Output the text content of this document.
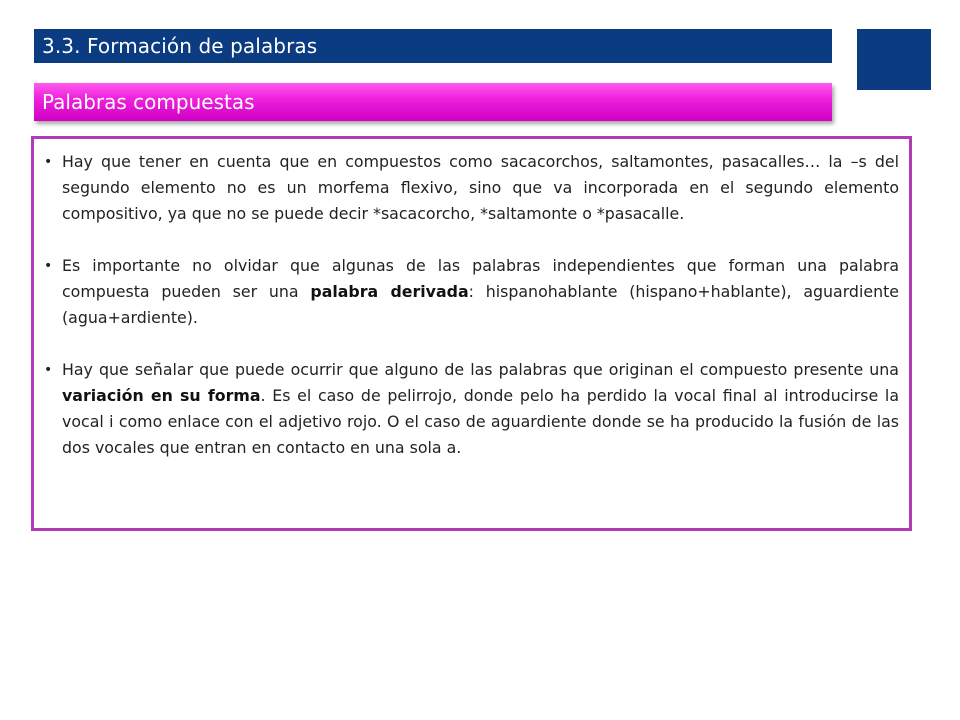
3.3. Formación de palabras
Palabras compuestas
• Hay que tener en cuenta que en compuestos como sacacorchos, saltamontes, pasacalles… la –s del segundo elemento no es un morfema flexivo, sino que va incorporada en el segundo elemento compositivo, ya que no se puede decir *sacacorcho, *saltamonte o *pasacalle.
• Es importante no olvidar que algunas de las palabras independientes que forman una palabra compuesta pueden ser una palabra derivada: hispanohablante (hispano+hablante), aguardiente (agua+ardiente).
• Hay que señalar que puede ocurrir que alguno de las palabras que originan el compuesto presente una variación en su forma. Es el caso de pelirrojo, donde pelo ha perdido la vocal final al introducirse la vocal i como enlace con el adjetivo rojo. O el caso de aguardiente donde se ha producido la fusión de las dos vocales que entran en contacto en una sola a.
